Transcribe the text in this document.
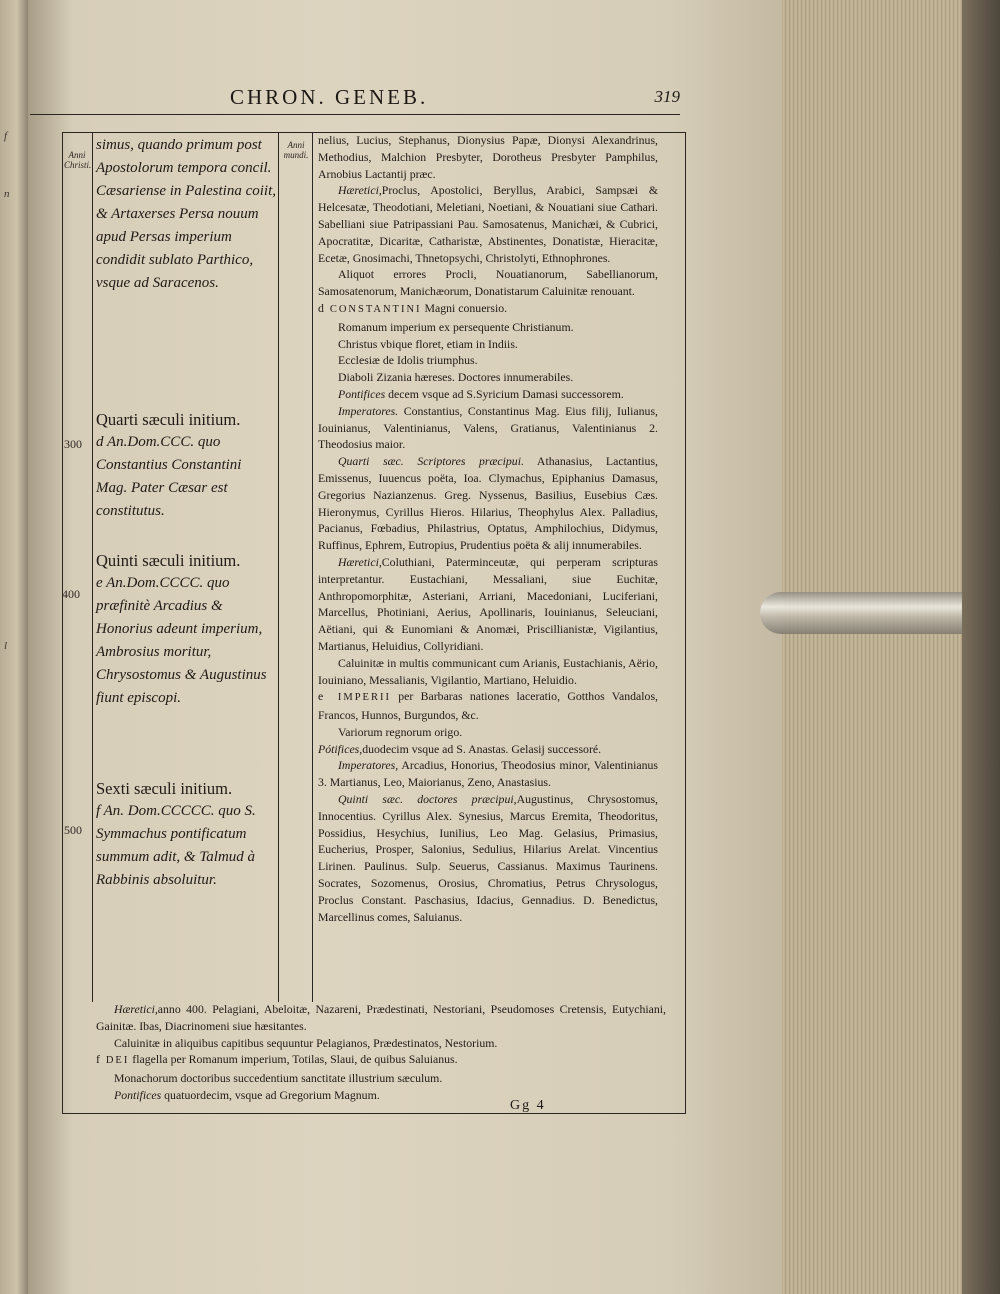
f
n
l
CHRON. GENEB.	319
Anni Christi.
Anni mundi.
300
400
500

simus, quando primum post Apostolorum tempora concil. Cæsariense in Palestina coiit, & Artaxerses Persa nouum apud Persas imperium condidit sublato Parthico, vsque ad Saracenos.

Quarti sæculi initium.

d An.Dom.CCC. quo Constantius Constantini Mag. Pater Cæsar est constitutus.

Quinti sæculi initium.

e An.Dom.CCCC. quo præfinitè Arcadius & Honorius adeunt imperium, Ambrosius moritur, Chrysostomus & Augustinus fiunt episcopi.

Sexti sæculi initium.

f An. Dom.CCCCC. quo S. Symmachus pontificatum summum adit, & Talmud à Rabbinis absoluitur.

nelius, Lucius, Stephanus, Dionysius Papæ, Dionysi Alexandrinus, Methodius, Malchion Presbyter, Dorotheus Presbyter Pamphilus, Arnobius Lactantij præc.

Hæretici,Proclus, Apostolici, Beryllus, Arabici, Sampsæi & Helcesatæ, Theodotiani, Meletiani, Noetiani, & Nouatiani siue Cathari. Sabelliani siue Patripassiani Pau. Samosatenus, Manichæi, & Cubrici, Apocratitæ, Dicaritæ, Catharistæ, Abstinentes, Donatistæ, Hieracitæ, Ecetæ, Gnosimachi, Thnetopsychi, Christolyti, Ethnophrones.

Aliquot errores Procli, Nouatianorum, Sabellianorum, Samosatenorum, Manichæorum, Donatistarum Caluinitæ renouant.

d CONSTANTINI Magni conuersio.

Romanum imperium ex persequente Christianum.

Christus vbique floret, etiam in Indiis.

Ecclesiæ de Idolis triumphus.

Diaboli Zizania hæreses. Doctores innumerabiles.

Pontifices decem vsque ad S.Syricium Damasi successorem.

Imperatores. Constantius, Constantinus Mag. Eius filij, Iulianus, Iouinianus, Valentinianus, Valens, Gratianus, Valentinianus 2. Theodosius maior.

Quarti sæc. Scriptores præcipui. Athanasius, Lactantius, Emissenus, Iuuencus poëta, Ioa. Clymachus, Epiphanius Damasus, Gregorius Nazianzenus. Greg. Nyssenus, Basilius, Eusebius Cæs. Hieronymus, Cyrillus Hieros. Hilarius, Theophylus Alex. Palladius, Pacianus, Fœbadius, Philastrius, Optatus, Amphilochius, Didymus, Ruffinus, Ephrem, Eutropius, Prudentius poëta & alij innumerabiles.

Hæretici,Coluthiani, Paterminceutæ, qui perperam scripturas interpretantur. Eustachiani, Messaliani, siue Euchitæ, Anthropomorphitæ, Asteriani, Arriani, Macedoniani, Luciferiani, Marcellus, Photiniani, Aerius, Apollinaris, Iouinianus, Seleuciani, Aëtiani, qui & Eunomiani & Anomæi, Priscillianistæ, Vigilantius, Martianus, Heluidius, Collyridiani.

Caluinitæ in multis communicant cum Arianis, Eustachianis, Aërio, Iouiniano, Messalianis, Vigilantio, Martiano, Heluidio.

e IMPERII per Barbaras nationes laceratio, Gotthos Vandalos, Francos, Hunnos, Burgundos, &c.

Variorum regnorum origo.

Pótifices,duodecim vsque ad S. Anastas. Gelasij successoré.

Imperatores, Arcadius, Honorius, Theodosius minor, Valentinianus 3. Martianus, Leo, Maiorianus, Zeno, Anastasius.

Quinti sæc. doctores præcipui,Augustinus, Chrysostomus, Innocentius. Cyrillus Alex. Synesius, Marcus Eremita, Theodoritus, Possidius, Hesychius, Iunilius, Leo Mag. Gelasius, Primasius, Eucherius, Prosper, Salonius, Sedulius, Hilarius Arelat. Vincentius Lirinen. Paulinus. Sulp. Seuerus, Cassianus. Maximus Taurinens. Socrates, Sozomenus, Orosius, Chromatius, Petrus Chrysologus, Proclus Constant. Paschasius, Idacius, Gennadius. D. Benedictus, Marcellinus comes, Saluianus.

Hæretici,anno 400. Pelagiani, Abeloitæ, Nazareni, Prædestinati, Nestoriani, Pseudomoses Cretensis, Eutychiani, Gainitæ. Ibas, Diacrinomeni siue hæsitantes.

Caluinitæ in aliquibus capitibus sequuntur Pelagianos, Prædestinatos, Nestorium.

f DEI flagella per Romanum imperium, Totilas, Slaui, de quibus Saluianus.

Monachorum doctoribus succedentium sanctitate illustrium sæculum.

Pontifices quatuordecim, vsque ad Gregorium Magnum.

Gg 4
